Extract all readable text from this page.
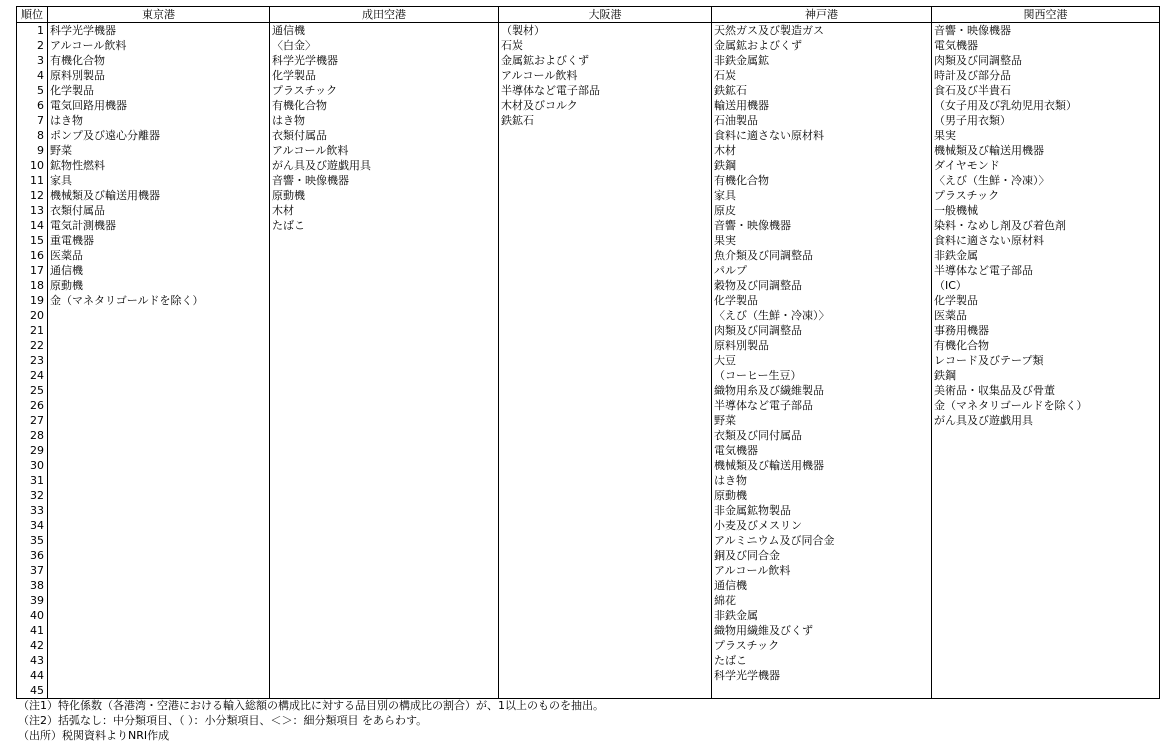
順位	東京港	成田空港	大阪港	神戸港	関西空港
1	科学光学機器	通信機	（製材）	天然ガス及び製造ガス	音響・映像機器
2	アルコール飲料	〈白金〉	石炭	金属鉱およびくず	電気機器
3	有機化合物	科学光学機器	金属鉱およびくず	非鉄金属鉱	肉類及び同調整品
4	原料別製品	化学製品	アルコール飲料	石炭	時計及び部分品
5	化学製品	プラスチック	半導体など電子部品	鉄鉱石	食石及び半貴石
6	電気回路用機器	有機化合物	木材及びコルク	輸送用機器	（女子用及び乳幼児用衣類）
7	はき物	はき物	鉄鉱石	石油製品	（男子用衣類）
8	ポンプ及び遠心分離器	衣類付属品		食料に適さない原材料	果実
9	野菜	アルコール飲料		木材	機械類及び輸送用機器
10	鉱物性燃料	がん具及び遊戯用具		鉄鋼	ダイヤモンド
11	家具	音響・映像機器		有機化合物	〈えび（生鮮・冷凍）〉
12	機械類及び輸送用機器	原動機		家具	プラスチック
13	衣類付属品	木材		原皮	一般機械
14	電気計測機器	たばこ		音響・映像機器	染料・なめし剤及び着色剤
15	重電機器			果実	食料に適さない原材料
16	医薬品			魚介類及び同調整品	非鉄金属
17	通信機			パルプ	半導体など電子部品
18	原動機			穀物及び同調整品	（IC）
19	金（マネタリゴールドを除く）			化学製品	化学製品
20				〈えび（生鮮・冷凍）〉	医薬品
21				肉類及び同調整品	事務用機器
22				原料別製品	有機化合物
23				大豆	レコード及びテープ類
24				（コーヒー生豆）	鉄鋼
25				織物用糸及び繊維製品	美術品・収集品及び骨董
26				半導体など電子部品	金（マネタリゴールドを除く）
27				野菜	がん具及び遊戯用具
28				衣類及び同付属品	
29				電気機器	
30				機械類及び輸送用機器	
31				はき物	
32				原動機	
33				非金属鉱物製品	
34				小麦及びメスリン	
35				アルミニウム及び同合金	
36				銅及び同合金	
37				アルコール飲料	
38				通信機	
39				綿花	
40				非鉄金属	
41				織物用繊維及びくず	
42				プラスチック	
43				たばこ	
44				科学光学機器	
45					
（注1）特化係数（各港湾・空港における輸入総額の構成比に対する品目別の構成比の割合）が、1以上のものを抽出。
（注2）括弧なし：中分類項目、（ ）：小分類項目、＜＞：細分類項目 をあらわす。
（出所）税関資料よりNRI作成
